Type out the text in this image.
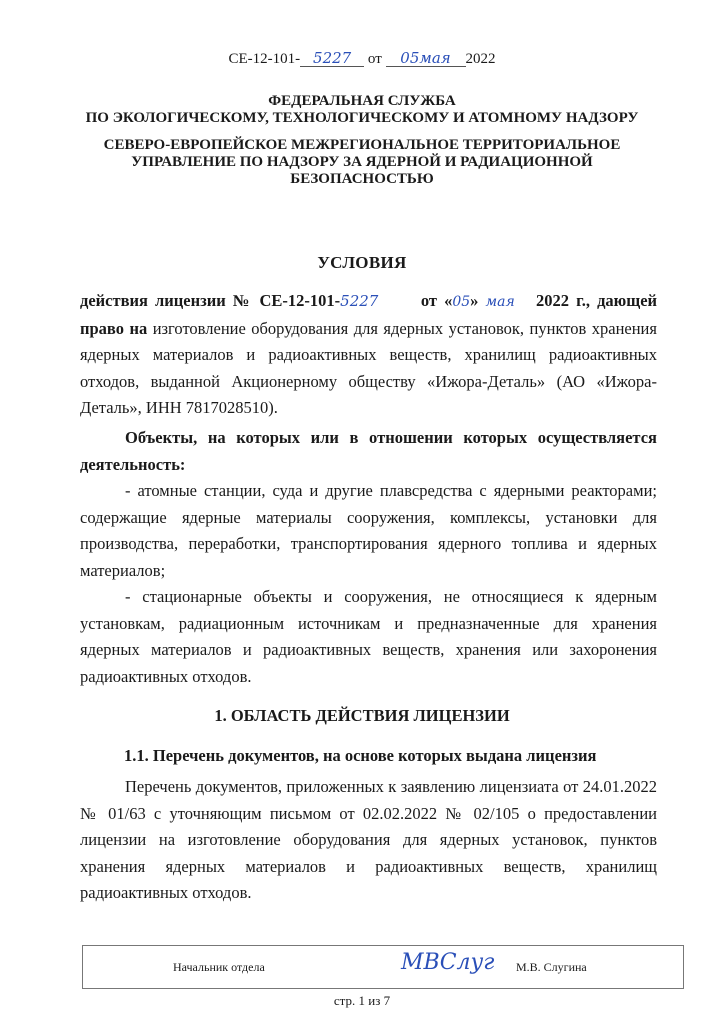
СЕ-12-101- 5227 от 05мая 2022
ФЕДЕРАЛЬНАЯ СЛУЖБА
ПО ЭКОЛОГИЧЕСКОМУ, ТЕХНОЛОГИЧЕСКОМУ И АТОМНОМУ НАДЗОРУ
СЕВЕРО-ЕВРОПЕЙСКОЕ МЕЖРЕГИОНАЛЬНОЕ ТЕРРИТОРИАЛЬНОЕ
УПРАВЛЕНИЕ ПО НАДЗОРУ ЗА ЯДЕРНОЙ И РАДИАЦИОННОЙ
БЕЗОПАСНОСТЬЮ
УСЛОВИЯ

действия лицензии № СЕ-12-101-5227	от «05» мая 2022 г., дающей

право на изготовление оборудования для ядерных установок, пунктов хранения ядерных материалов и радиоактивных веществ, хранилищ радиоактивных отходов, выданной Акционерному обществу «Ижора-Деталь» (АО «Ижора-Деталь», ИНН 7817028510).

Объекты, на которых или в отношении которых осуществляется деятельность:

- атомные станции, суда и другие плавсредства с ядерными реакторами; содержащие ядерные материалы сооружения, комплексы, установки для производства, переработки, транспортирования ядерного топлива и ядерных материалов;

- стационарные объекты и сооружения, не относящиеся к ядерным установкам, радиационным источникам и предназначенные для хранения ядерных материалов и радиоактивных веществ, хранения или захоронения радиоактивных отходов.

1. ОБЛАСТЬ ДЕЙСТВИЯ ЛИЦЕНЗИИ
1.1. Перечень документов, на основе которых выдана лицензия

Перечень документов, приложенных к заявлению лицензиата от 24.01.2022 № 01/63 с уточняющим письмом от 02.02.2022 № 02/105 о предоставлении лицензии на изготовление оборудования для ядерных установок, пунктов хранения ядерных материалов и радиоактивных веществ, хранилищ радиоактивных отходов.

Начальник отдела	МВСлуг М.В. Слугина
стр. 1 из 7
